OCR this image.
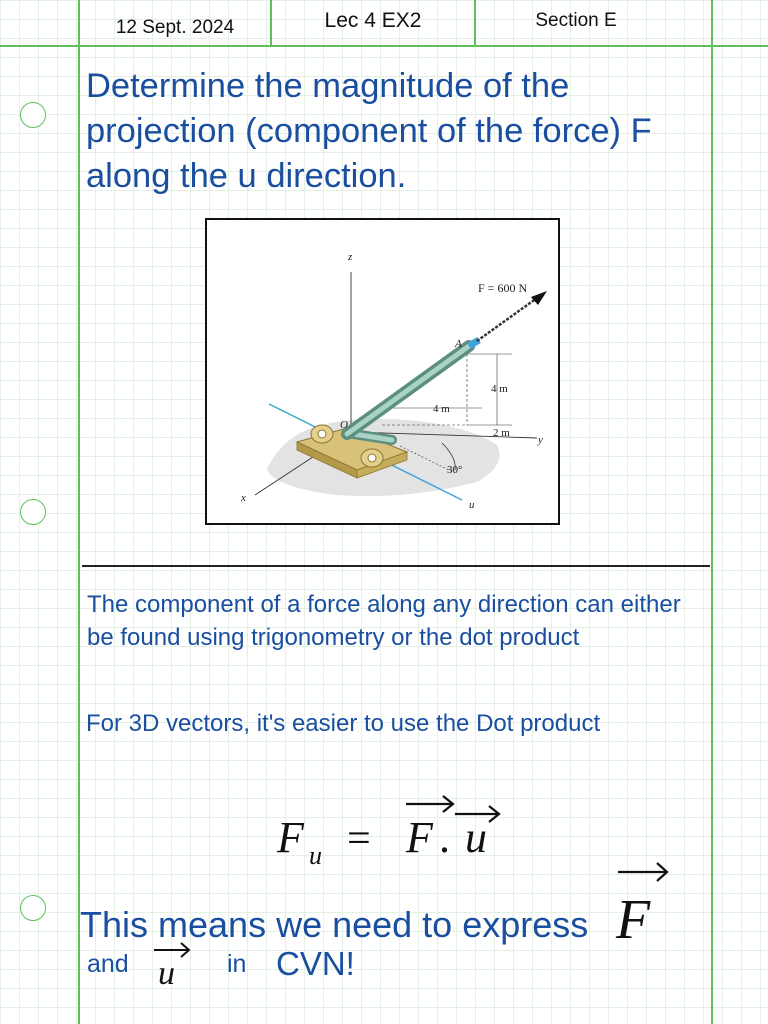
12 Sept. 2024	Lec 4 EX2	Section E
Determine the magnitude of the projection (component of the force) F along the u direction.
z
y
x
u
30°
4 m
4 m
2 m
F = 600 N
A
O
The component of a force along any direction can either be found using trigonometry or the dot product
For 3D vectors, it's easier to use the Dot product
F u = F . u
This means we need to express F
and u in CVN!
